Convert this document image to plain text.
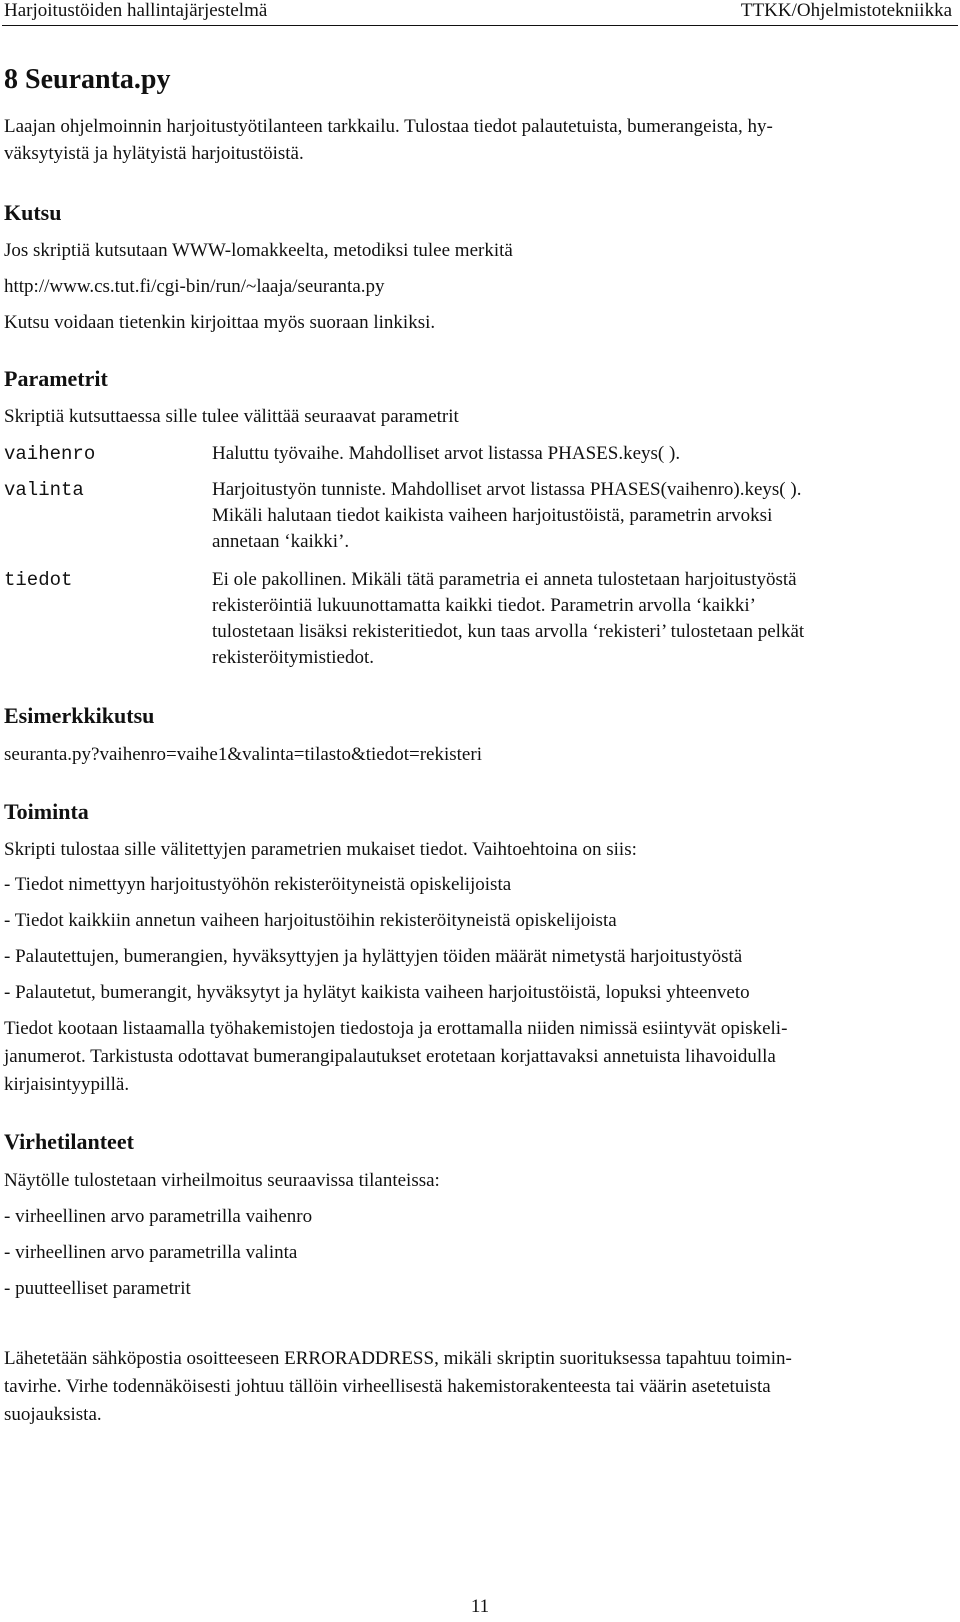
Harjoitustöiden hallintajärjestelmä	TTKK/Ohjelmistotekniikka
8 Seuranta.py

Laajan ohjelmoinnin harjoitustyötilanteen tarkkailu. Tulostaa tiedot palautetuista, bumerangeista, hy-

väksytyistä ja hylätyistä harjoitustöistä.

Kutsu

Jos skriptiä kutsutaan WWW-lomakkeelta, metodiksi tulee merkitä

http://www.cs.tut.fi/cgi-bin/run/~laaja/seuranta.py

Kutsu voidaan tietenkin kirjoittaa myös suoraan linkiksi.

Parametrit

Skriptiä kutsuttaessa sille tulee välittää seuraavat parametrit

vaihenro	Haluttu työvaihe. Mahdolliset arvot listassa PHASES.keys( ).

valinta	Harjoitustyön tunniste. Mahdolliset arvot listassa PHASES(vaihenro).keys( ).

Mikäli halutaan tiedot kaikista vaiheen harjoitustöistä, parametrin arvoksi

annetaan ‘kaikki’.

tiedot	Ei ole pakollinen. Mikäli tätä parametria ei anneta tulostetaan harjoitustyöstä

rekisteröintiä lukuunottamatta kaikki tiedot. Parametrin arvolla ‘kaikki’

tulostetaan lisäksi rekisteritiedot, kun taas arvolla ‘rekisteri’ tulostetaan pelkät

rekisteröitymistiedot.

Esimerkkikutsu

seuranta.py?vaihenro=vaihe1&valinta=tilasto&tiedot=rekisteri

Toiminta

Skripti tulostaa sille välitettyjen parametrien mukaiset tiedot. Vaihtoehtoina on siis:

- Tiedot nimettyyn harjoitustyöhön rekisteröityneistä opiskelijoista

- Tiedot kaikkiin annetun vaiheen harjoitustöihin rekisteröityneistä opiskelijoista

- Palautettujen, bumerangien, hyväksyttyjen ja hylättyjen töiden määrät nimetystä harjoitustyöstä

- Palautetut, bumerangit, hyväksytyt ja hylätyt kaikista vaiheen harjoitustöistä, lopuksi yhteenveto

Tiedot kootaan listaamalla työhakemistojen tiedostoja ja erottamalla niiden nimissä esiintyvät opiskeli-

janumerot. Tarkistusta odottavat bumerangipalautukset erotetaan korjattavaksi annetuista lihavoidulla

kirjaisintyypillä.

Virhetilanteet

Näytölle tulostetaan virheilmoitus seuraavissa tilanteissa:

- virheellinen arvo parametrilla vaihenro

- virheellinen arvo parametrilla valinta

- puutteelliset parametrit

Lähetetään sähköpostia osoitteeseen ERRORADDRESS, mikäli skriptin suorituksessa tapahtuu toimin-

tavirhe. Virhe todennäköisesti johtuu tällöin virheellisestä hakemistorakenteesta tai väärin asetetuista

suojauksista.

11
